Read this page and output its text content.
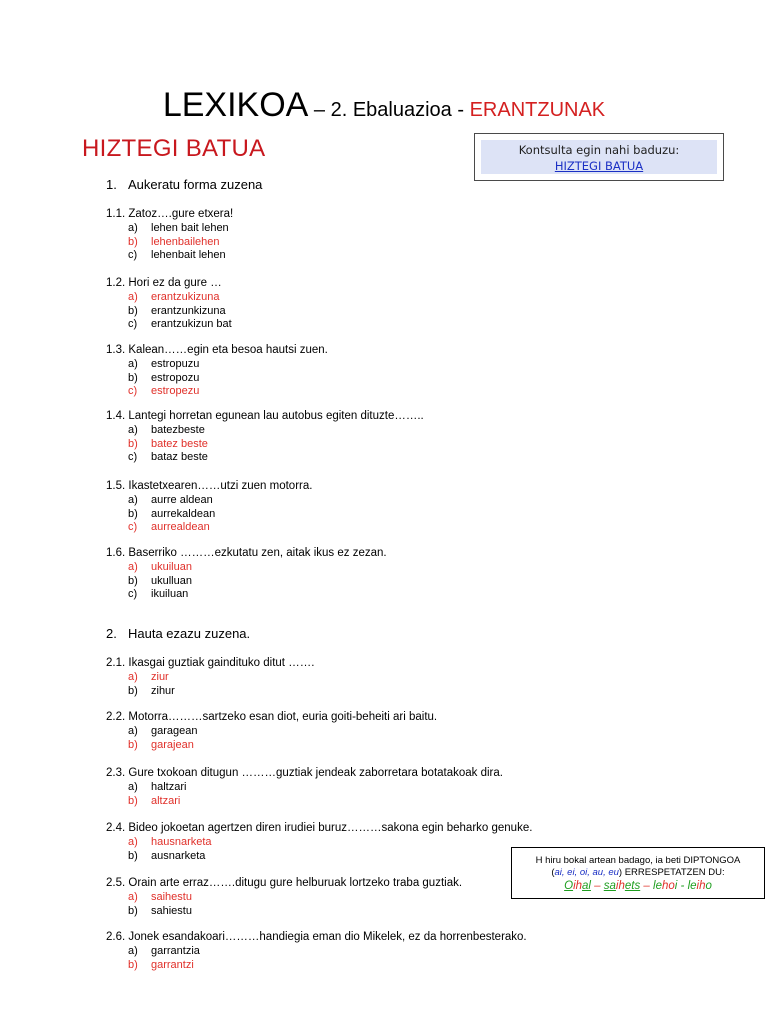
LEXIKOA – 2. Ebaluazioa - ERANTZUNAK
HIZTEGI BATUA	Kontsulta egin nahi baduzu:
HIZTEGI BATUA
1. Aukeratu forma zuzena
1.1. Zatoz….gure etxera!
a) lehen bait lehen
b) lehenbailehen
c) lehenbait lehen
1.2. Hori ez da gure …
a) erantzukizuna
b) erantzunkizuna
c) erantzukizun bat
1.3. Kalean……egin eta besoa hautsi zuen.
a) estropuzu
b) estropozu
c) estropezu
1.4. Lantegi horretan egunean lau autobus egiten dituzte……..
a) batezbeste
b) batez beste
c) bataz beste
1.5. Ikastetxearen……utzi zuen motorra.
a) aurre aldean
b) aurrekaldean
c) aurrealdean
1.6. Baserriko ………ezkutatu zen, aitak ikus ez zezan.
a) ukuiluan
b) ukulluan
c) ikuiluan
2. Hauta ezazu zuzena.
2.1. Ikasgai guztiak gaindituko ditut …….
a) ziur
b) zihur
2.2. Motorra………sartzeko esan diot, euria goiti-beheiti ari baitu.
a) garagean
b) garajean
2.3. Gure txokoan ditugun ………guztiak jendeak zaborretara botatakoak dira.
a) haltzari
b) altzari
2.4. Bideo jokoetan agertzen diren irudiei buruz………sakona egin beharko genuke.
a) hausnarketa
b) ausnarketa
2.5. Orain arte erraz…….ditugu gure helburuak lortzeko traba guztiak.
a) saihestu
b) sahiestu
2.6. Jonek esandakoari………handiegia eman dio Mikelek, ez da horrenbesterako.
a) garrantzia
b) garrantzi
H hiru bokal artean badago, ia beti DIPTONGOA
(ai, ei, oi, au, eu) ERRESPETATZEN DU:
Oihal – saihets – lehoi - leiho
